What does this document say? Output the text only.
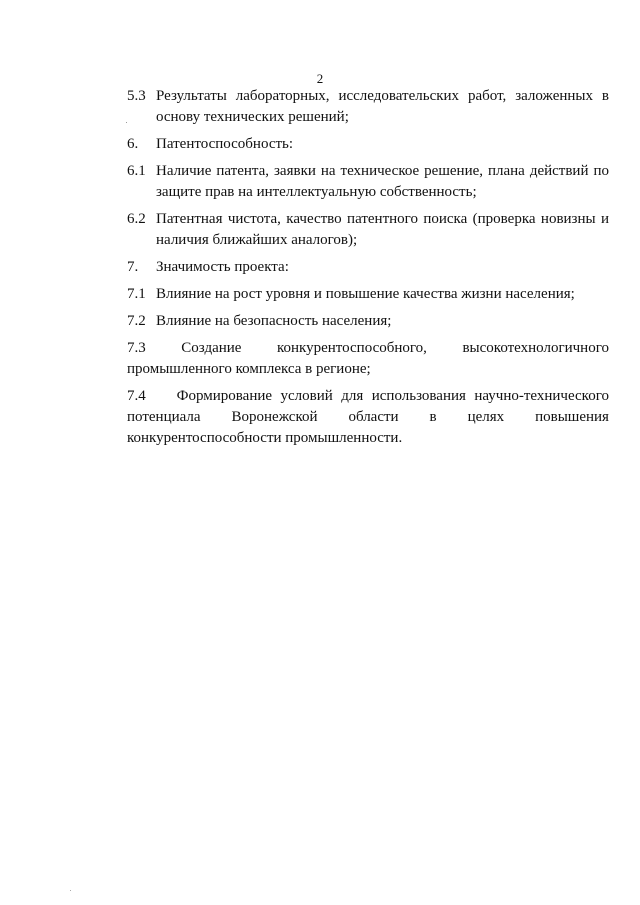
2
5.3 Результаты лабораторных, исследовательских работ, заложенных в основу технических решений;
6.	Патентоспособность:
6.1 Наличие патента, заявки на техническое решение, плана действий по защите прав на интеллектуальную собственность;
6.2 Патентная чистота, качество патентного поиска (проверка новизны и наличия ближайших аналогов);
7.	Значимость проекта:
7.1 Влияние на рост уровня и повышение качества жизни населения;
7.2 Влияние на безопасность населения;
7.3 Создание конкурентоспособного, высокотехнологичного
промышленного комплекса в регионе;
7.4 Формирование условий для использования научно-технического
потенциала Воронежской области в целях повышения
конкурентоспособности промышленности.
